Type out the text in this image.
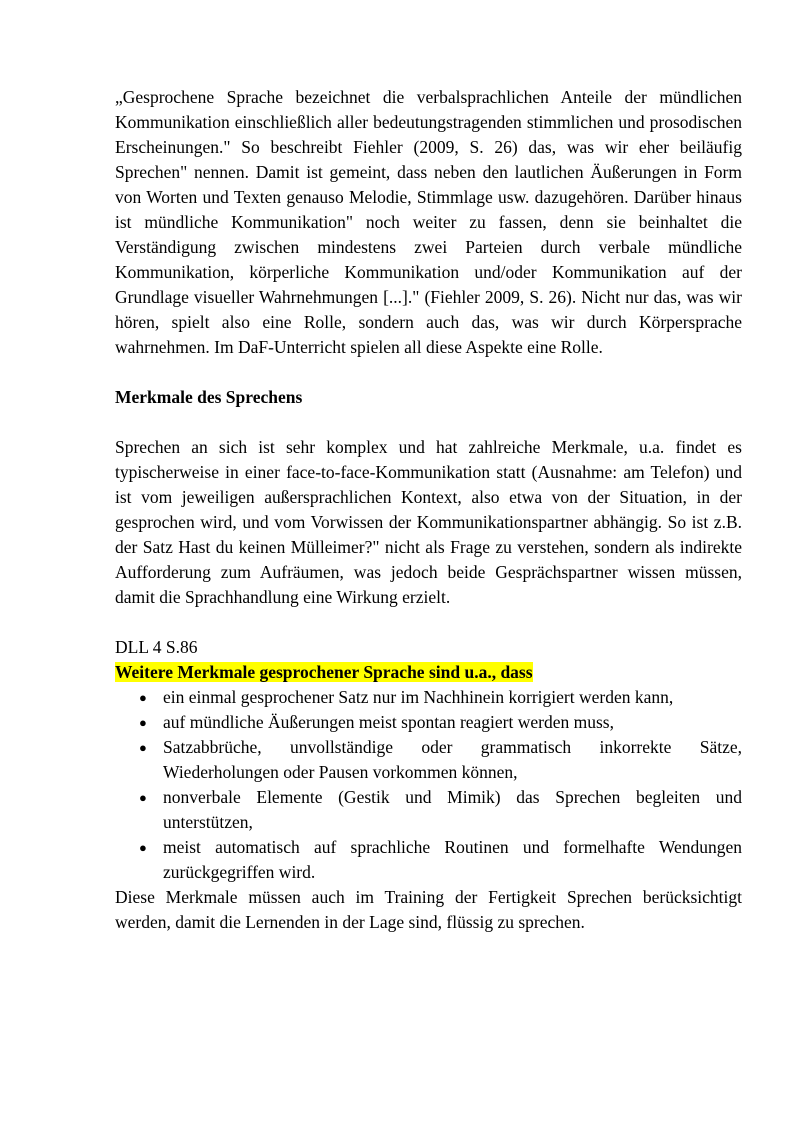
„Gesprochene Sprache bezeichnet die verbalsprachlichen Anteile der mündlichen Kommunikation einschließlich aller bedeutungstragenden stimmlichen und prosodischen Erscheinungen." So beschreibt Fiehler (2009, S. 26) das, was wir eher beiläufig Sprechen" nennen. Damit ist gemeint, dass neben den lautlichen Äußerungen in Form von Worten und Texten genauso Melodie, Stimmlage usw. dazugehören. Darüber hinaus ist mündliche Kommunikation" noch weiter zu fassen, denn sie beinhaltet die Verständigung zwischen mindestens zwei Parteien durch verbale mündliche Kommunikation, körperliche Kommunikation und/oder Kommunikation auf der Grundlage visueller Wahrnehmungen [...]." (Fiehler 2009, S. 26). Nicht nur das, was wir hören, spielt also eine Rolle, sondern auch das, was wir durch Körpersprache wahrnehmen. Im DaF-Unterricht spielen all diese Aspekte eine Rolle.

Merkmale des Sprechens

Sprechen an sich ist sehr komplex und hat zahlreiche Merkmale, u.a. findet es typischerweise in einer face-to-face-Kommunikation statt (Ausnahme: am Telefon) und ist vom jeweiligen außersprachlichen Kontext, also etwa von der Situation, in der gesprochen wird, und vom Vorwissen der Kommunikationspartner abhängig. So ist z.B. der Satz Hast du keinen Mülleimer?" nicht als Frage zu verstehen, sondern als indirekte Aufforderung zum Aufräumen, was jedoch beide Gesprächspartner wissen müssen, damit die Sprachhandlung eine Wirkung erzielt.

DLL 4 S.86

Weitere Merkmale gesprochener Sprache sind u.a., dass

● ein einmal gesprochener Satz nur im Nachhinein korrigiert werden kann,
● auf mündliche Äußerungen meist spontan reagiert werden muss,
● Satzabbrüche, unvollständige oder grammatisch inkorrekte Sätze, Wiederholungen oder Pausen vorkommen können,
● nonverbale Elemente (Gestik und Mimik) das Sprechen begleiten und unterstützen,
● meist automatisch auf sprachliche Routinen und formelhafte Wendungen zurückgegriffen wird.

Diese Merkmale müssen auch im Training der Fertigkeit Sprechen berücksichtigt werden, damit die Lernenden in der Lage sind, flüssig zu sprechen.
